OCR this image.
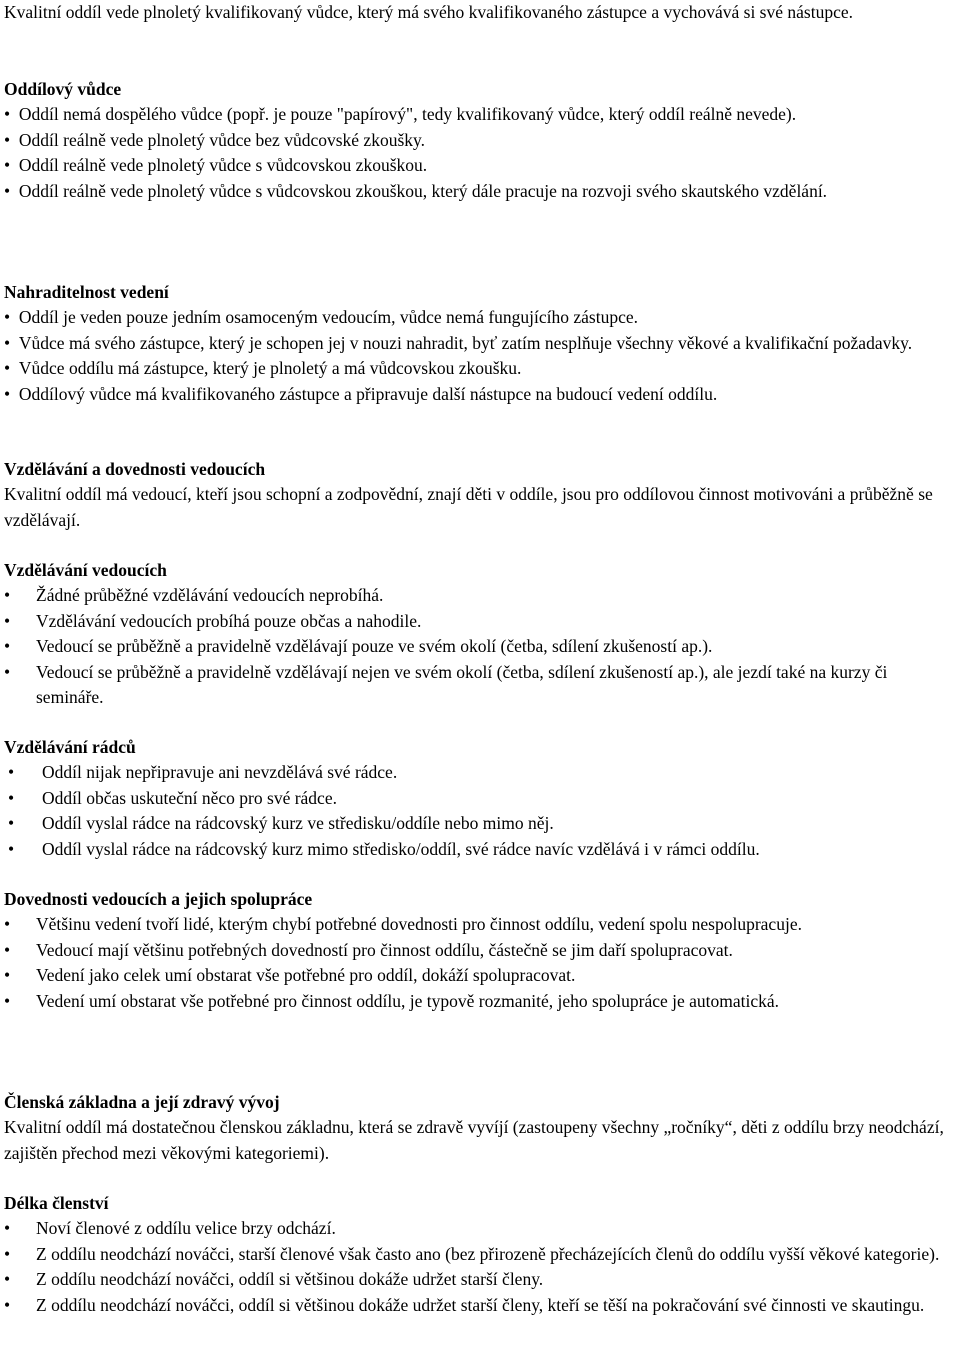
Kvalitní oddíl vede plnoletý kvalifikovaný vůdce, který má svého kvalifikovaného zástupce a vychovává si své nástupce.

Oddílový vůdce
•  Oddíl nemá dospělého vůdce (popř. je pouze "papírový", tedy kvalifikovaný vůdce, který oddíl reálně nevede).
•  Oddíl reálně vede plnoletý vůdce bez vůdcovské zkoušky.
•  Oddíl reálně vede plnoletý vůdce s vůdcovskou zkouškou.
•  Oddíl reálně vede plnoletý vůdce s vůdcovskou zkouškou, který dále pracuje na rozvoji svého skautského vzdělání.
Nahraditelnost vedení
•  Oddíl je veden pouze jedním osamoceným vedoucím, vůdce nemá fungujícího zástupce.
•  Vůdce má svého zástupce, který je schopen jej v nouzi nahradit, byť zatím nesplňuje všechny věkové a kvalifikační požadavky.
•  Vůdce oddílu má zástupce, který je plnoletý a má vůdcovskou zkoušku.
•  Oddílový vůdce má kvalifikovaného zástupce a připravuje další nástupce na budoucí vedení oddílu.
Vzdělávání a dovednosti vedoucích

Kvalitní oddíl má vedoucí, kteří jsou schopní a zodpovědní, znají děti v oddíle, jsou pro oddílovou činnost motivováni a průběžně se vzdělávají.

Vzdělávání vedoucích
• Žádné průběžné vzdělávání vedoucích neprobíhá.
• Vzdělávání vedoucích probíhá pouze občas a nahodile.
• Vedoucí se průběžně a pravidelně vzdělávají pouze ve svém okolí (četba, sdílení zkušeností ap.).
• Vedoucí se průběžně a pravidelně vzdělávají nejen ve svém okolí (četba, sdílení zkušeností ap.), ale jezdí také na kurzy či semináře.
Vzdělávání rádců
• Oddíl nijak nepřipravuje ani nevzdělává své rádce.
• Oddíl občas uskuteční něco pro své rádce.
• Oddíl vyslal rádce na rádcovský kurz ve středisku/oddíle nebo mimo něj.
• Oddíl vyslal rádce na rádcovský kurz mimo středisko/oddíl, své rádce navíc vzdělává i v rámci oddílu.
Dovednosti vedoucích a jejich spolupráce
• Většinu vedení tvoří lidé, kterým chybí potřebné dovednosti pro činnost oddílu, vedení spolu nespolupracuje.
• Vedoucí mají většinu potřebných dovedností pro činnost oddílu, částečně se jim daří spolupracovat.
• Vedení jako celek umí obstarat vše potřebné pro oddíl, dokáží spolupracovat.
• Vedení umí obstarat vše potřebné pro činnost oddílu, je typově rozmanité, jeho spolupráce je automatická.
Členská základna a její zdravý vývoj

Kvalitní oddíl má dostatečnou členskou základnu, která se zdravě vyvíjí (zastoupeny všechny „ročníky“, děti z oddílu brzy neodchází, zajištěn přechod mezi věkovými kategoriemi).

Délka členství
• Noví členové z oddílu velice brzy odchází.
• Z oddílu neodchází nováčci, starší členové však často ano (bez přirozeně přecházejících členů do oddílu vyšší věkové kategorie).
• Z oddílu neodchází nováčci, oddíl si většinou dokáže udržet starší členy.
• Z oddílu neodchází nováčci, oddíl si většinou dokáže udržet starší členy, kteří se těší na pokračování své činnosti ve skautingu.
